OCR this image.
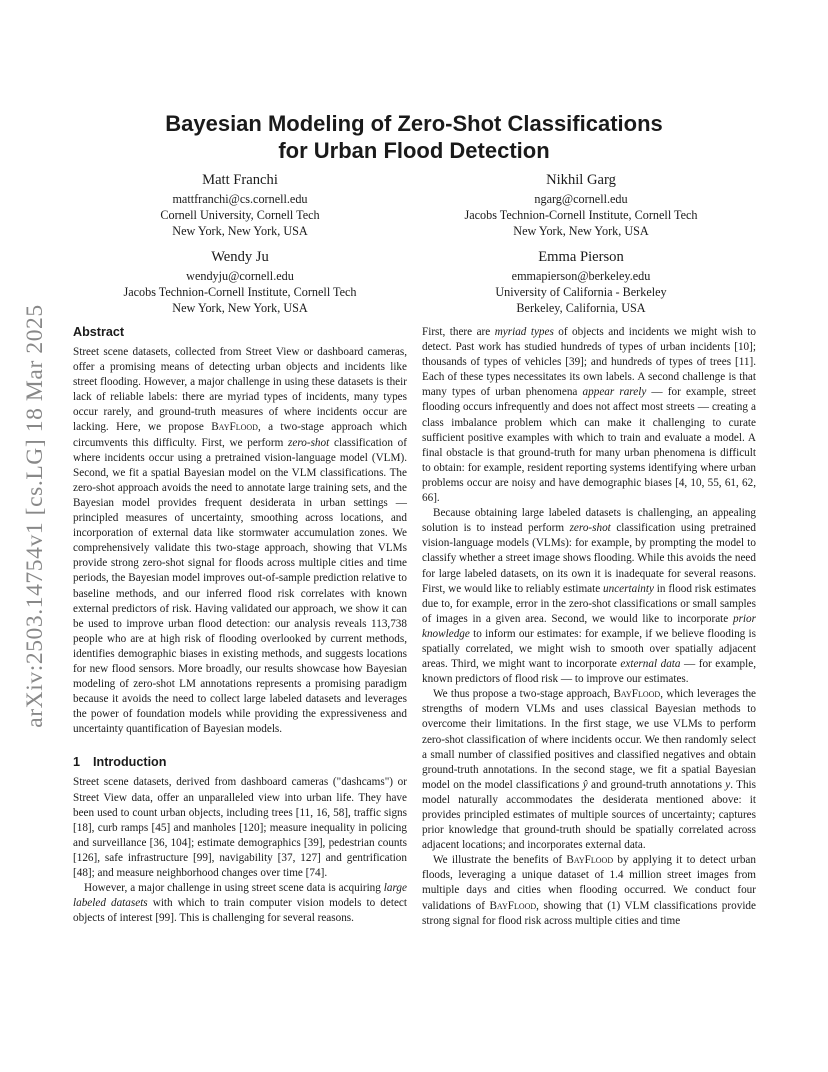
arXiv:2503.14754v1 [cs.LG] 18 Mar 2025
Bayesian Modeling of Zero-Shot Classifications
for Urban Flood Detection
Matt Franchi
mattfranchi@cs.cornell.edu
Cornell University, Cornell Tech
New York, New York, USA
Nikhil Garg
ngarg@cornell.edu
Jacobs Technion-Cornell Institute, Cornell Tech
New York, New York, USA
Wendy Ju
wendyju@cornell.edu
Jacobs Technion-Cornell Institute, Cornell Tech
New York, New York, USA
Emma Pierson
emmapierson@berkeley.edu
University of California - Berkeley
Berkeley, California, USA
Abstract

Street scene datasets, collected from Street View or dashboard cameras, offer a promising means of detecting urban objects and incidents like street flooding. However, a major challenge in using these datasets is their lack of reliable labels: there are myriad types of incidents, many types occur rarely, and ground-truth measures of where incidents occur are lacking. Here, we propose BayFlood, a two-stage approach which circumvents this difficulty. First, we perform zero-shot classification of where incidents occur using a pretrained vision-language model (VLM). Second, we fit a spatial Bayesian model on the VLM classifications. The zero-shot approach avoids the need to annotate large training sets, and the Bayesian model provides frequent desiderata in urban settings — principled measures of uncertainty, smoothing across locations, and incorporation of external data like stormwater accumulation zones. We comprehensively validate this two-stage approach, showing that VLMs provide strong zero-shot signal for floods across multiple cities and time periods, the Bayesian model improves out-of-sample prediction relative to baseline methods, and our inferred flood risk correlates with known external predictors of risk. Having validated our approach, we show it can be used to improve urban flood detection: our analysis reveals 113,738 people who are at high risk of flooding overlooked by current methods, identifies demographic biases in existing methods, and suggests locations for new flood sensors. More broadly, our results showcase how Bayesian modeling of zero-shot LM annotations represents a promising paradigm because it avoids the need to collect large labeled datasets and leverages the power of foundation models while providing the expressiveness and uncertainty quantification of Bayesian models.

1 Introduction

Street scene datasets, derived from dashboard cameras ("dashcams") or Street View data, offer an unparalleled view into urban life. They have been used to count urban objects, including trees [11, 16, 58], traffic signs [18], curb ramps [45] and manholes [120]; measure inequality in policing and surveillance [36, 104]; estimate demographics [39], pedestrian counts [126], safe infrastructure [99], navigability [37, 127] and gentrification [48]; and measure neighborhood changes over time [74].

However, a major challenge in using street scene data is acquiring large labeled datasets with which to train computer vision models to detect objects of interest [99]. This is challenging for several reasons.

First, there are myriad types of objects and incidents we might wish to detect. Past work has studied hundreds of types of urban incidents [10]; thousands of types of vehicles [39]; and hundreds of types of trees [11]. Each of these types necessitates its own labels. A second challenge is that many types of urban phenomena appear rarely — for example, street flooding occurs infrequently and does not affect most streets — creating a class imbalance problem which can make it challenging to curate sufficient positive examples with which to train and evaluate a model. A final obstacle is that ground-truth for many urban phenomena is difficult to obtain: for example, resident reporting systems identifying where urban problems occur are noisy and have demographic biases [4, 10, 55, 61, 62, 66].

Because obtaining large labeled datasets is challenging, an appealing solution is to instead perform zero-shot classification using pretrained vision-language models (VLMs): for example, by prompting the model to classify whether a street image shows flooding. While this avoids the need for large labeled datasets, on its own it is inadequate for several reasons. First, we would like to reliably estimate uncertainty in flood risk estimates due to, for example, error in the zero-shot classifications or small samples of images in a given area. Second, we would like to incorporate prior knowledge to inform our estimates: for example, if we believe flooding is spatially correlated, we might wish to smooth over spatially adjacent areas. Third, we might want to incorporate external data — for example, known predictors of flood risk — to improve our estimates.

We thus propose a two-stage approach, BayFlood, which leverages the strengths of modern VLMs and uses classical Bayesian methods to overcome their limitations. In the first stage, we use VLMs to perform zero-shot classification of where incidents occur. We then randomly select a small number of classified positives and classified negatives and obtain ground-truth annotations. In the second stage, we fit a spatial Bayesian model on the model classifications ŷ and ground-truth annotations y. This model naturally accommodates the desiderata mentioned above: it provides principled estimates of multiple sources of uncertainty; captures prior knowledge that ground-truth should be spatially correlated across adjacent locations; and incorporates external data.

We illustrate the benefits of BayFlood by applying it to detect urban floods, leveraging a unique dataset of 1.4 million street images from multiple days and cities when flooding occurred. We conduct four validations of BayFlood, showing that (1) VLM classifications provide strong signal for flood risk across multiple cities and time
